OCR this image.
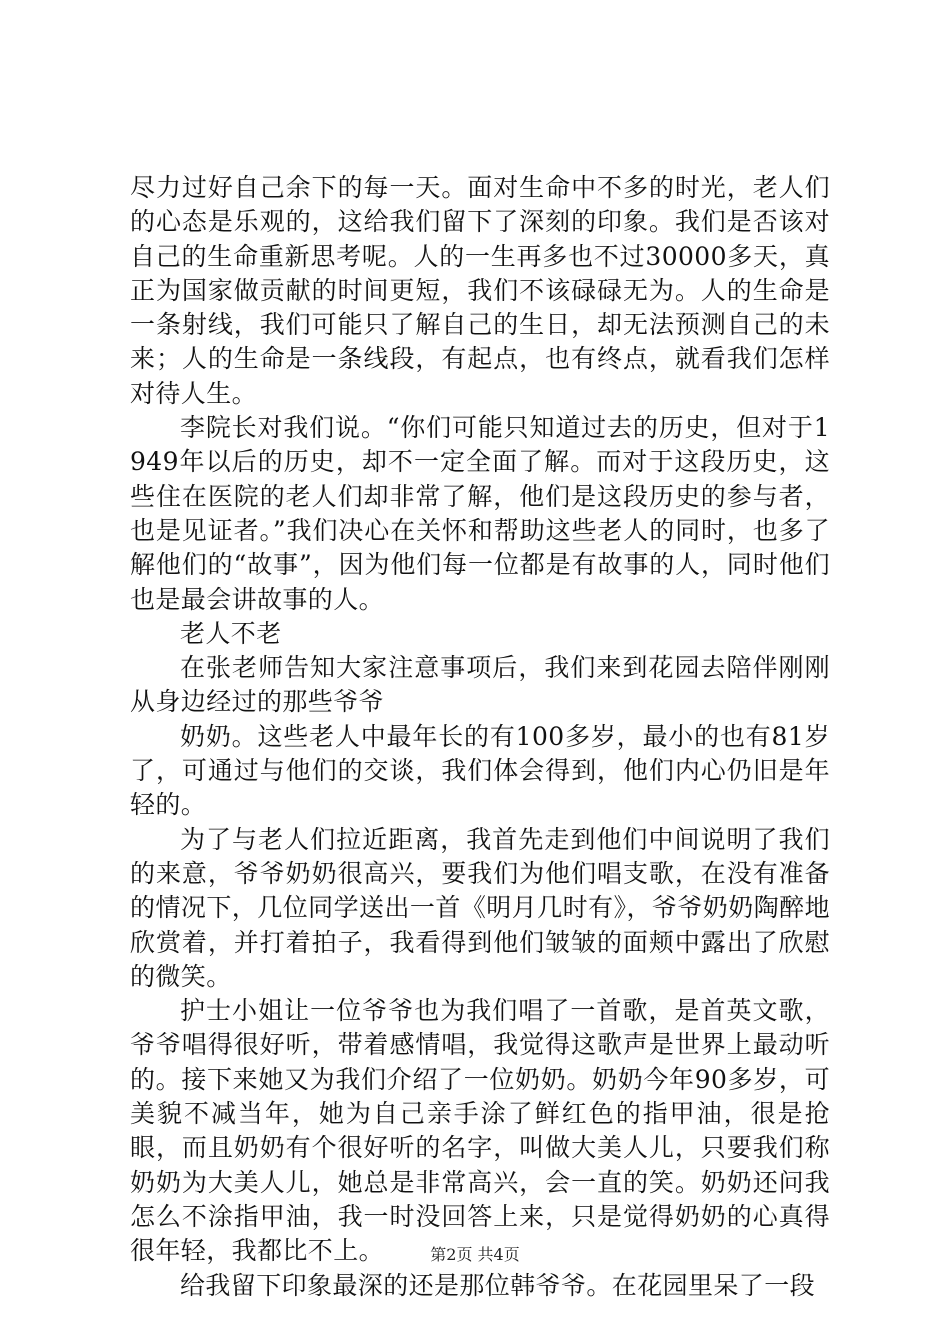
尽力过好自己余下的每一天。面对生命中不多的时光，老人们的心态是乐观的，这给我们留下了深刻的印象。我们是否该对自己的生命重新思考呢。人的一生再多也不过30000多天，真正为国家做贡献的时间更短，我们不该碌碌无为。人的生命是一条射线，我们可能只了解自己的生日，却无法预测自己的未来；人的生命是一条线段，有起点，也有终点，就看我们怎样对待人生。

李院长对我们说。“你们可能只知道过去的历史，但对于1949年以后的历史，却不一定全面了解。而对于这段历史，这些住在医院的老人们却非常了解，他们是这段历史的参与者，也是见证者。”我们决心在关怀和帮助这些老人的同时，也多了解他们的“故事”，因为他们每一位都是有故事的人，同时他们也是最会讲故事的人。

老人不老

在张老师告知大家注意事项后，我们来到花园去陪伴刚刚从身边经过的那些爷爷

奶奶。这些老人中最年长的有100多岁，最小的也有81岁了，可通过与他们的交谈，我们体会得到，他们内心仍旧是年轻的。

为了与老人们拉近距离，我首先走到他们中间说明了我们的来意，爷爷奶奶很高兴，要我们为他们唱支歌，在没有准备的情况下，几位同学送出一首《明月几时有》，爷爷奶奶陶醉地欣赏着，并打着拍子，我看得到他们皱皱的面颊中露出了欣慰的微笑。

护士小姐让一位爷爷也为我们唱了一首歌，是首英文歌，爷爷唱得很好听，带着感情唱，我觉得这歌声是世界上最动听的。接下来她又为我们介绍了一位奶奶。奶奶今年90多岁，可美貌不减当年，她为自己亲手涂了鲜红色的指甲油，很是抢眼，而且奶奶有个很好听的名字，叫做大美人儿，只要我们称奶奶为大美人儿，她总是非常高兴，会一直的笑。奶奶还问我怎么不涂指甲油，我一时没回答上来，只是觉得奶奶的心真得很年轻，我都比不上。

给我留下印象最深的还是那位韩爷爷。在花园里呆了一段

第2页 共4页
